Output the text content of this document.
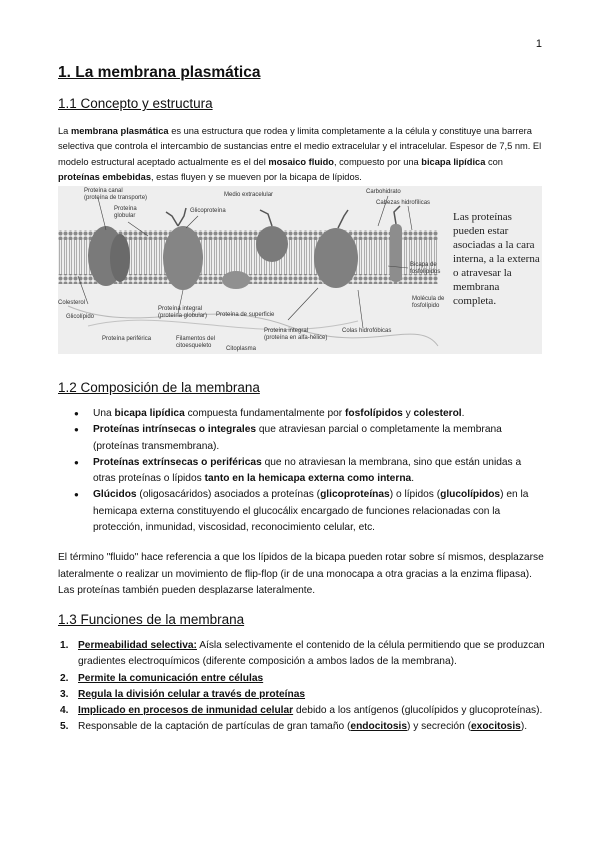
1
1. La membrana plasmática
1.1 Concepto y estructura

La membrana plasmática es una estructura que rodea y limita completamente a la célula y constituye una barrera selectiva que controla el intercambio de sustancias entre el medio extracelular y el intracelular. Espesor de 7,5 nm. El modelo estructural aceptado actualmente es el del mosaico fluido, compuesto por una bicapa lipídica con proteínas embebidas, estas fluyen y se mueven por la bicapa de lípidos.

Proteína canal
(proteína de transporte)
Proteína
globular
Glicoproteína
Medio extracelular	Carbohidrato
Cabezas hidrofílicas
Bicapa de
fosfolípidos
Molécula de
fosfolípido
Colas hidrofóbicas
Colesterol
Glicolípido
Proteína periférica
Proteína integral
(proteína globular) Proteína de superficie
Filamentos del
citoesqueleto	Citoplasma
Proteína integral
(proteína en alfa-hélice)

Las proteínas pueden estar asociadas a la cara interna, a la externa o atravesar la membrana completa.

1.2 Composición de la membrana
● Una bicapa lipídica compuesta fundamentalmente por fosfolípidos y colesterol.
● Proteínas intrínsecas o integrales que atraviesan parcial o completamente la membrana (proteínas transmembrana).
● Proteínas extrínsecas o periféricas que no atraviesan la membrana, sino que están unidas a otras proteínas o lípidos tanto en la hemicapa externa como interna.
● Glúcidos (oligosacáridos) asociados a proteínas (glicoproteínas) o lípidos (glucolípidos) en la hemicapa externa constituyendo el glucocálix encargado de funciones relacionadas con la protección, inmunidad, viscosidad, reconocimiento celular, etc.

El término "fluido" hace referencia a que los lípidos de la bicapa pueden rotar sobre sí mismos, desplazarse lateralmente o realizar un movimiento de flip-flop (ir de una monocapa a otra gracias a la enzima flipasa). Las proteínas también pueden desplazarse lateralmente.

1.3 Funciones de la membrana
1. Permeabilidad selectiva: Aísla selectivamente el contenido de la célula permitiendo que se produzcan gradientes electroquímicos (diferente composición a ambos lados de la membrana).
2. Permite la comunicación entre células
3. Regula la división celular a través de proteínas
4. Implicado en procesos de inmunidad celular debido a los antígenos (glucolípidos y glucoproteínas).
5. Responsable de la captación de partículas de gran tamaño (endocitosis) y secreción (exocitosis).
